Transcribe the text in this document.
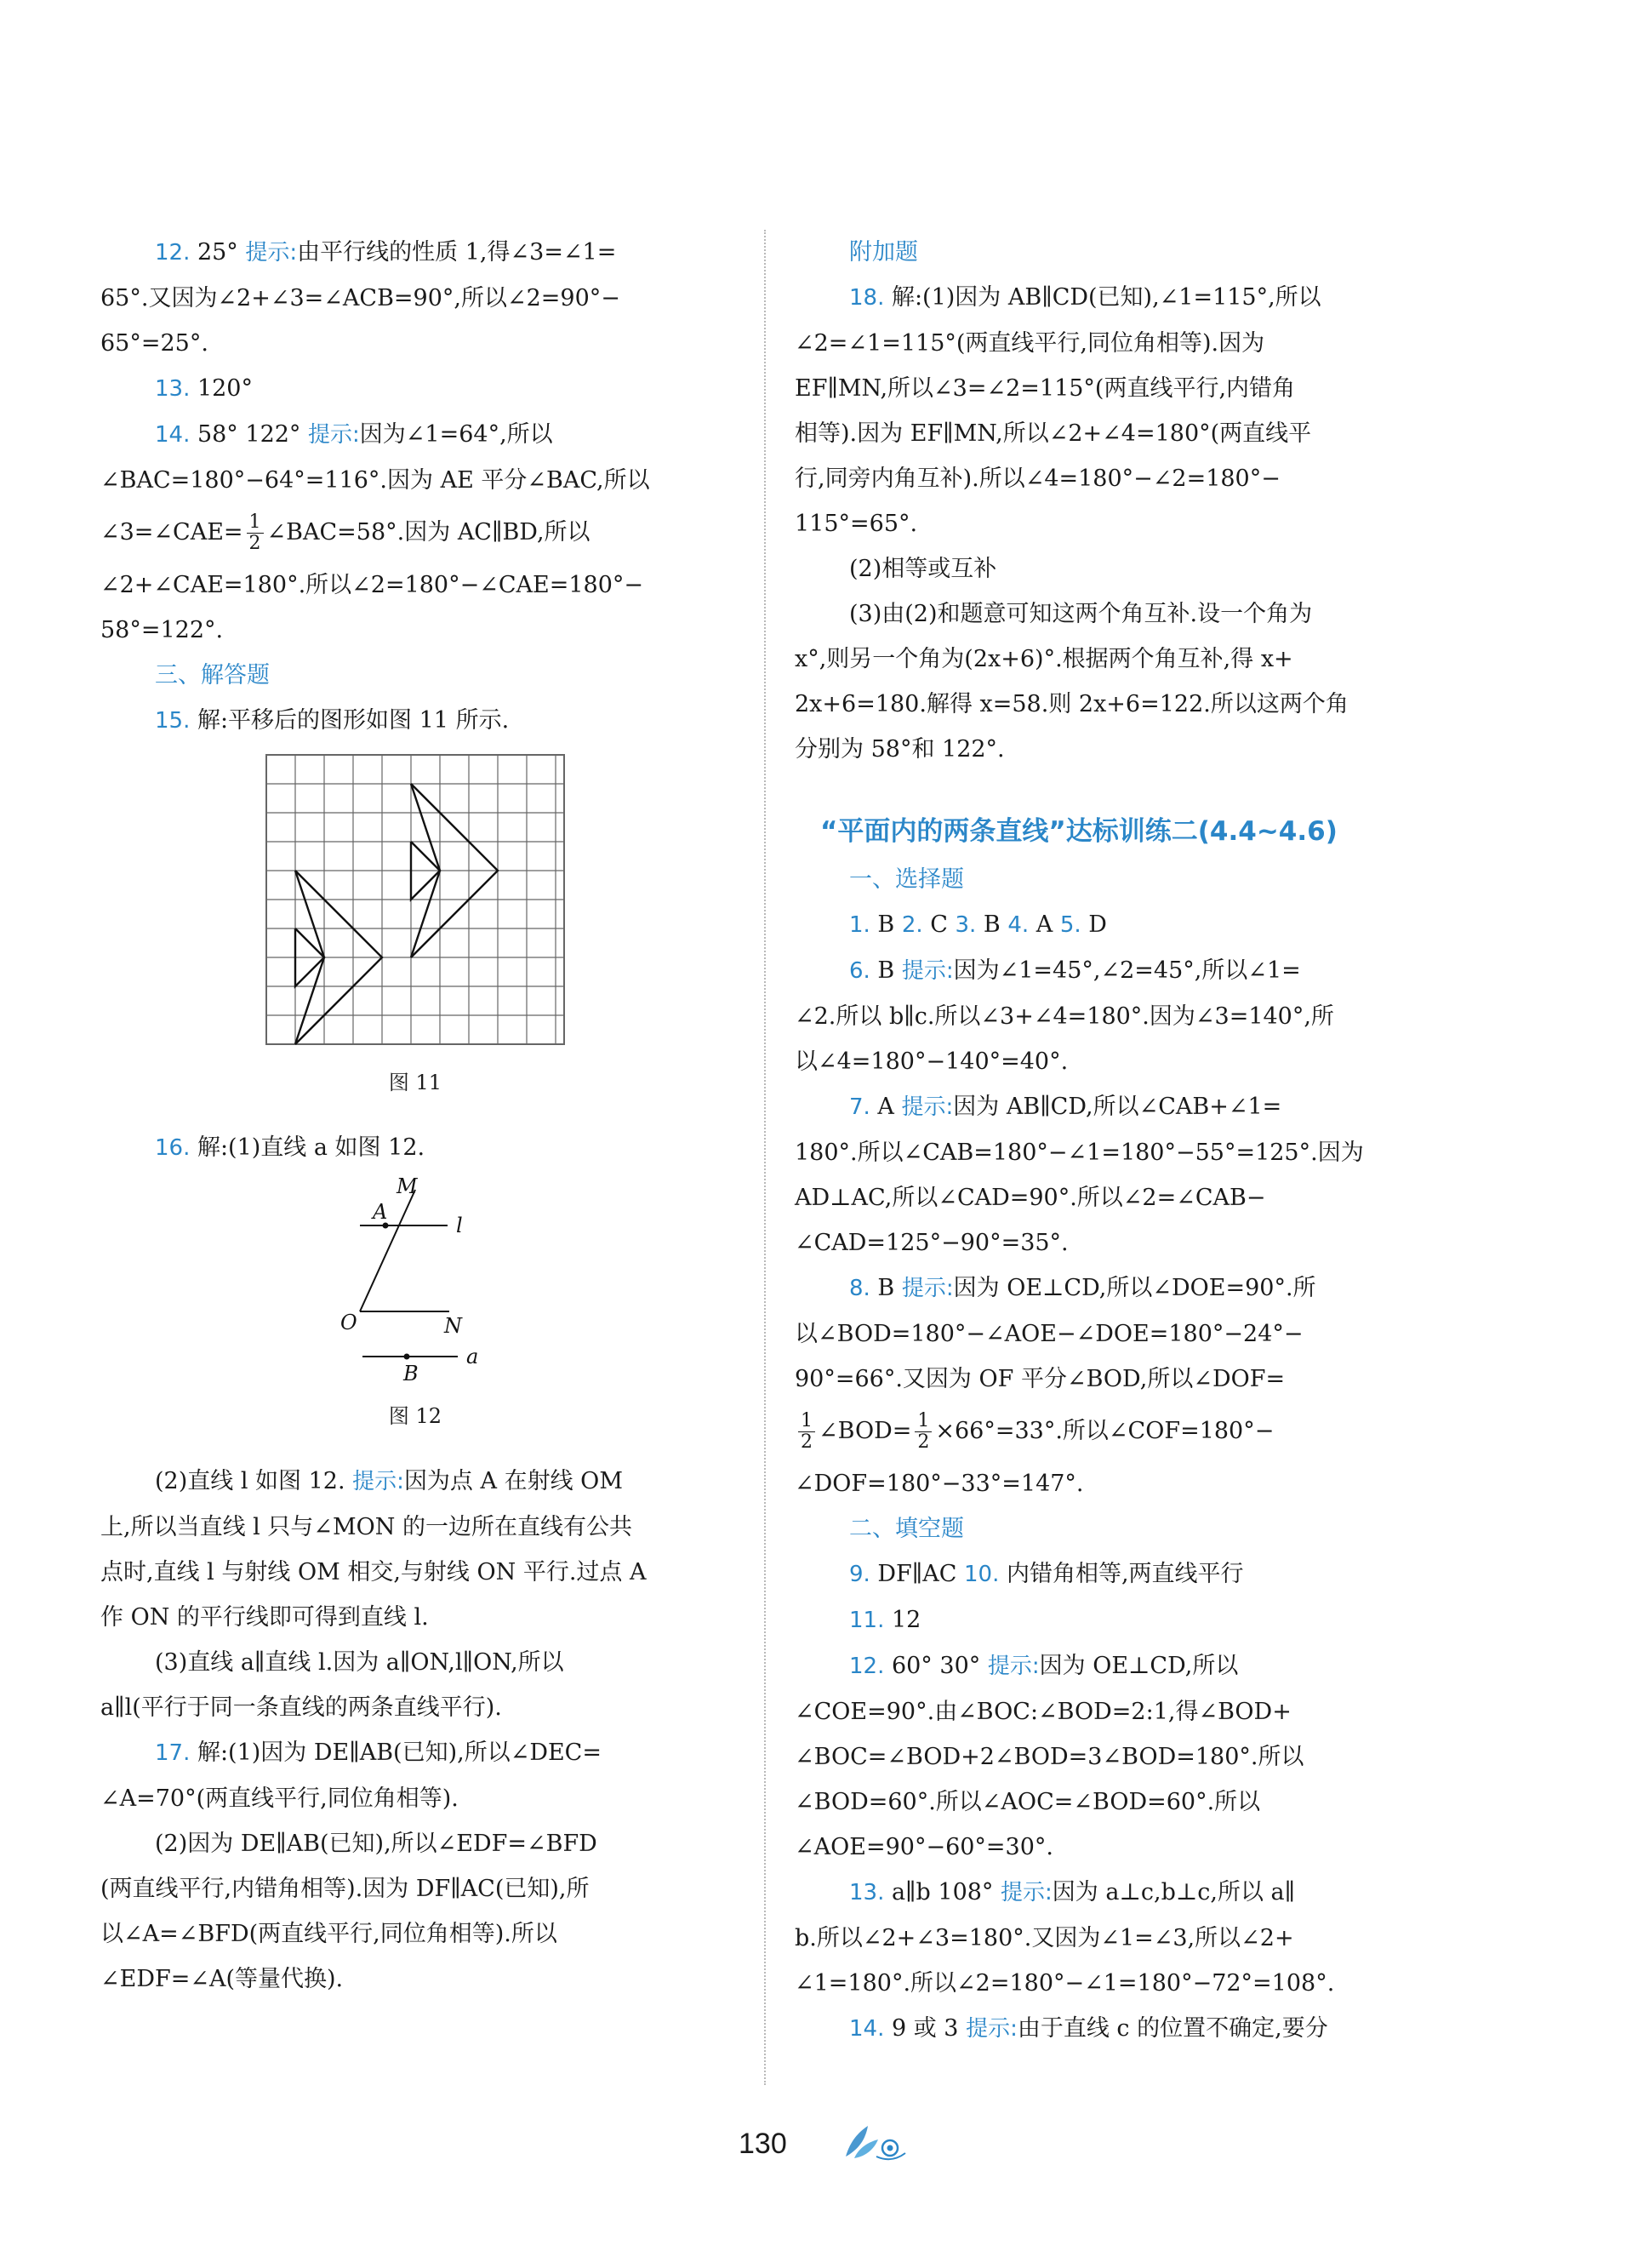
12. 25° 提示:由平行线的性质 1,得∠3=∠1=

65°.又因为∠2+∠3=∠ACB=90°,所以∠2=90°−

65°=25°.

13. 120°

14. 58° 122° 提示:因为∠1=64°,所以

∠BAC=180°−64°=116°.因为 AE 平分∠BAC,所以

∠3=∠CAE= $\frac{1}{2}$ ∠BAC=58°.因为 AC∥BD,所以

∠2+∠CAE=180°.所以∠2=180°−∠CAE=180°−

58°=122°.

三、解答题

15. 解:平移后的图形如图 11 所示.

图 11

16. 解:(1)直线 a 如图 12.

M
A
l
O	N
B
a
图 12

(2)直线 l 如图 12. 提示:因为点 A 在射线 OM

上,所以当直线 l 只与∠MON 的一边所在直线有公共

点时,直线 l 与射线 OM 相交,与射线 ON 平行.过点 A

作 ON 的平行线即可得到直线 l.

(3)直线 a∥直线 l.因为 a∥ON,l∥ON,所以

a∥l(平行于同一条直线的两条直线平行).

17. 解:(1)因为 DE∥AB(已知),所以∠DEC=

∠A=70°(两直线平行,同位角相等).

(2)因为 DE∥AB(已知),所以∠EDF=∠BFD

(两直线平行,内错角相等).因为 DF∥AC(已知),所

以∠A=∠BFD(两直线平行,同位角相等).所以

∠EDF=∠A(等量代换).

附加题

18. 解:(1)因为 AB∥CD(已知),∠1=115°,所以

∠2=∠1=115°(两直线平行,同位角相等).因为

EF∥MN,所以∠3=∠2=115°(两直线平行,内错角

相等).因为 EF∥MN,所以∠2+∠4=180°(两直线平

行,同旁内角互补).所以∠4=180°−∠2=180°−

115°=65°.

(2)相等或互补

(3)由(2)和题意可知这两个角互补.设一个角为

x°,则另一个角为(2x+6)°.根据两个角互补,得 x+

2x+6=180.解得 x=58.则 2x+6=122.所以这两个角

分别为 58°和 122°.

“平面内的两条直线”达标训练二(4.4~4.6)

一、选择题

1. B 2. C 3. B 4. A 5. D

6. B 提示:因为∠1=45°,∠2=45°,所以∠1=

∠2.所以 b∥c.所以∠3+∠4=180°.因为∠3=140°,所

以∠4=180°−140°=40°.

7. A 提示:因为 AB∥CD,所以∠CAB+∠1=

180°.所以∠CAB=180°−∠1=180°−55°=125°.因为

AD⊥AC,所以∠CAD=90°.所以∠2=∠CAB−

∠CAD=125°−90°=35°.

8. B 提示:因为 OE⊥CD,所以∠DOE=90°.所

以∠BOD=180°−∠AOE−∠DOE=180°−24°−

90°=66°.又因为 OF 平分∠BOD,所以∠DOF=

$\frac{1}{2}$ ∠BOD= $\frac{1}{2} \times 66^\circ=33^\circ$.所以∠COF=180°−

∠DOF=180°−33°=147°.

二、填空题

9. DF∥AC 10. 内错角相等,两直线平行

11. 12

12. 60° 30° 提示:因为 OE⊥CD,所以

∠COE=90°.由∠BOC:∠BOD=2:1,得∠BOD+

∠BOC=∠BOD+2∠BOD=3∠BOD=180°.所以

∠BOD=60°.所以∠AOC=∠BOD=60°.所以

∠AOE=90°−60°=30°.

13. a∥b 108° 提示:因为 a⊥c,b⊥c,所以 a∥

b.所以∠2+∠3=180°.又因为∠1=∠3,所以∠2+

∠1=180°.所以∠2=180°−∠1=180°−72°=108°.

14. 9 或 3 提示:由于直线 c 的位置不确定,要分

130
